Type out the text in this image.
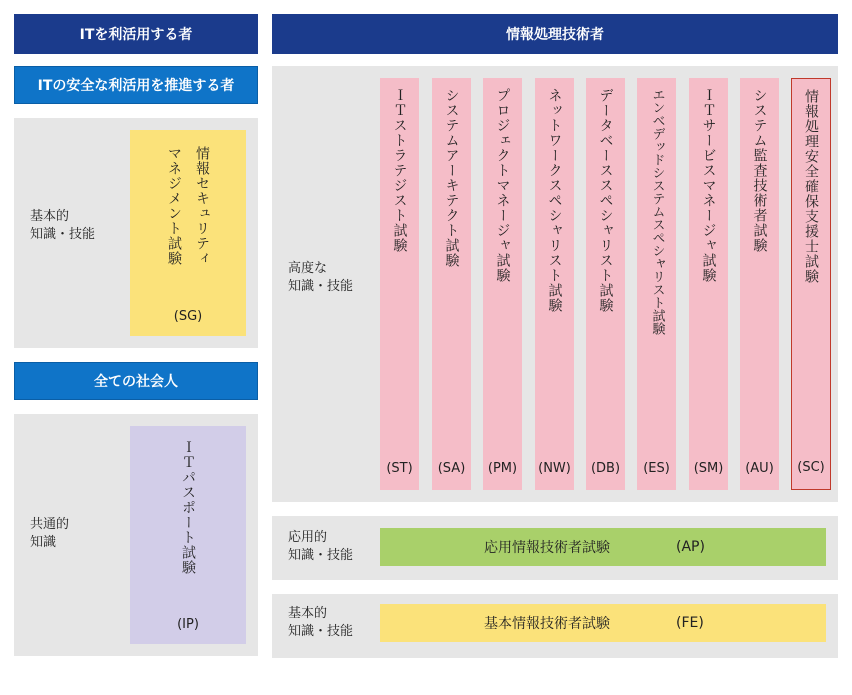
ITを利活用する者	情報処理技術者
ITの安全な利活用を推進する者
基本的
知識・技能	情報セキュリティ
マネジメント試験
(SG)
全ての社会人
共通的
知識	ＩＴパスポート試験
(IP)
高度な
知識・技能
ＩＴストラテジスト試験
(ST)
システムアーキテクト試験
(SA)
プロジェクトマネージャ試験
(PM)
ネットワークスペシャリスト試験
(NW)
データベーススペシャリスト試験
(DB)
エンベデッドシステムスペシャリスト試験
(ES)
ＩＴサービスマネージャ試験
(SM)
システム監査技術者試験
(AU)
情報処理安全確保支援士試験
(SC)
応用的
知識・技能	応用情報技術者試験	(AP)
基本的
知識・技能	基本情報技術者試験	(FE)
